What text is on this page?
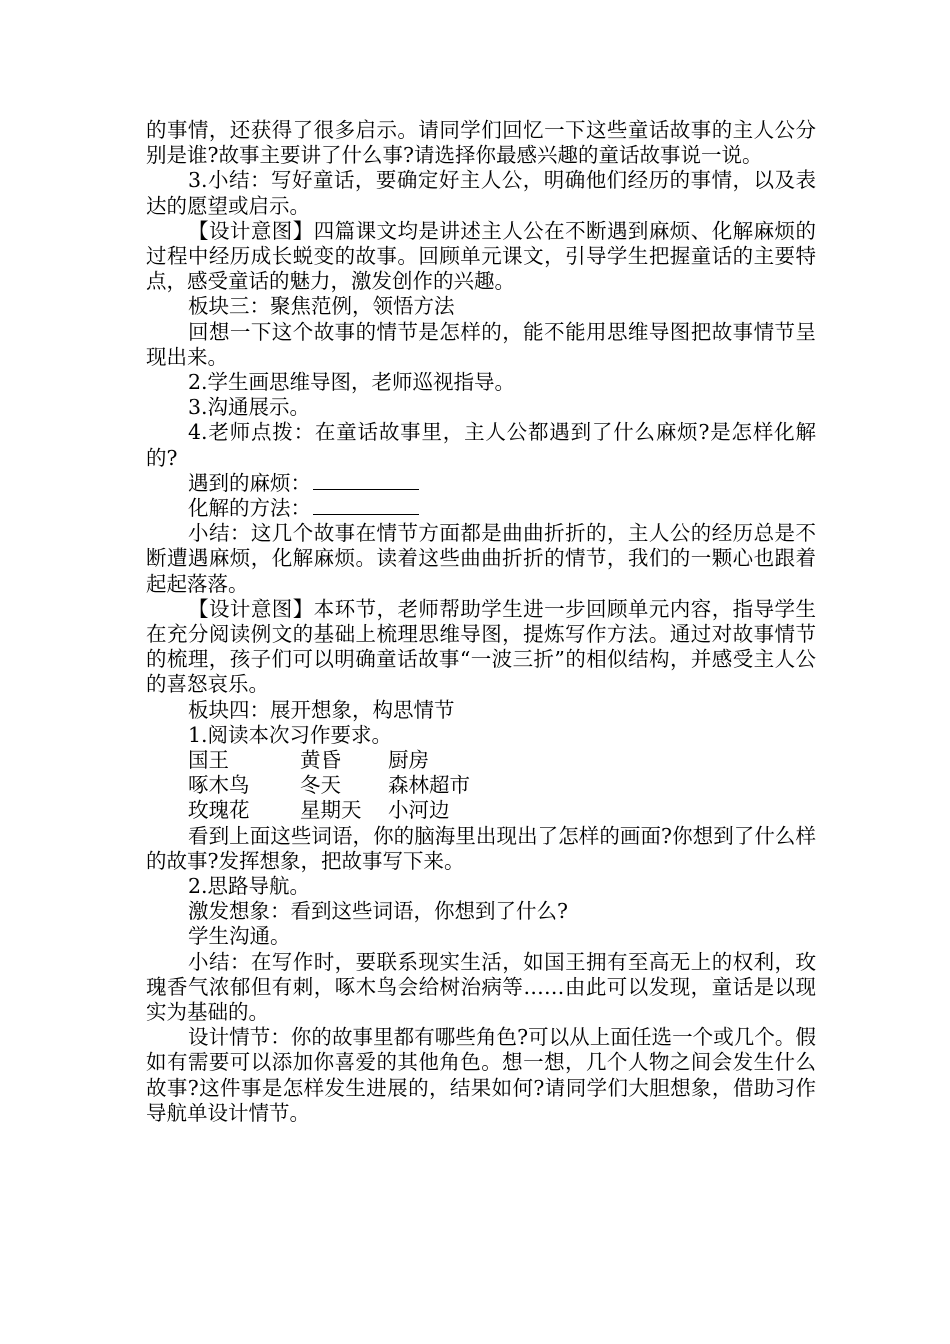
的事情，还获得了很多启示。请同学们回忆一下这些童话故事的主人公分别是谁?故事主要讲了什么事?请选择你最感兴趣的童话故事说一说。

3.小结：写好童话，要确定好主人公，明确他们经历的事情，以及表达的愿望或启示。

【设计意图】四篇课文均是讲述主人公在不断遇到麻烦、化解麻烦的过程中经历成长蜕变的故事。回顾单元课文，引导学生把握童话的主要特点，感受童话的魅力，激发创作的兴趣。

板块三：聚焦范例，领悟方法

回想一下这个故事的情节是怎样的，能不能用思维导图把故事情节呈现出来。

2.学生画思维导图，老师巡视指导。

3.沟通展示。

4.老师点拨：在童话故事里，主人公都遇到了什么麻烦?是怎样化解的?

遇到的麻烦：
化解的方法：

小结：这几个故事在情节方面都是曲曲折折的，主人公的经历总是不断遭遇麻烦，化解麻烦。读着这些曲曲折折的情节，我们的一颗心也跟着起起落落。

【设计意图】本环节，老师帮助学生进一步回顾单元内容，指导学生在充分阅读例文的基础上梳理思维导图，提炼写作方法。通过对故事情节的梳理，孩子们可以明确童话故事“一波三折”的相似结构，并感受主人公的喜怒哀乐。

板块四：展开想象，构思情节

1.阅读本次习作要求。

国王	黄昏 厨房
啄木鸟 冬天 森林超市
玫瑰花 星期天 小河边

看到上面这些词语，你的脑海里出现出了怎样的画面?你想到了什么样的故事?发挥想象，把故事写下来。

2.思路导航。

激发想象：看到这些词语，你想到了什么?

学生沟通。

小结：在写作时，要联系现实生活，如国王拥有至高无上的权利，玫瑰香气浓郁但有刺，啄木鸟会给树治病等……由此可以发现，童话是以现实为基础的。

设计情节：你的故事里都有哪些角色?可以从上面任选一个或几个。假如有需要可以添加你喜爱的其他角色。想一想，几个人物之间会发生什么故事?这件事是怎样发生进展的，结果如何?请同学们大胆想象，借助习作导航单设计情节。
